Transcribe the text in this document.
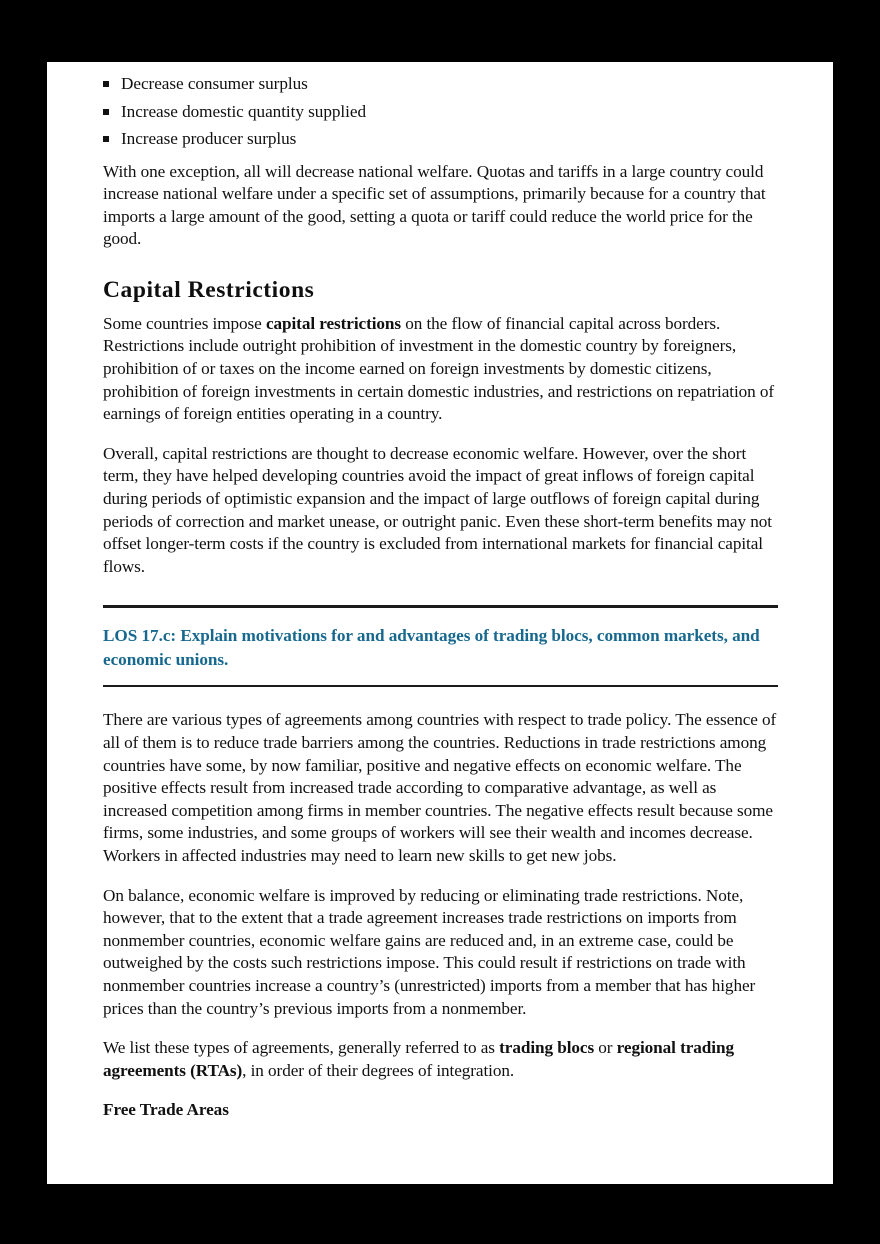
Decrease consumer surplus
Increase domestic quantity supplied
Increase producer surplus

With one exception, all will decrease national welfare. Quotas and tariffs in a large country could increase national welfare under a specific set of assumptions, primarily because for a country that imports a large amount of the good, setting a quota or tariff could reduce the world price for the good.

Capital Restrictions

Some countries impose capital restrictions on the flow of financial capital across borders. Restrictions include outright prohibition of investment in the domestic country by foreigners, prohibition of or taxes on the income earned on foreign investments by domestic citizens, prohibition of foreign investments in certain domestic industries, and restrictions on repatriation of earnings of foreign entities operating in a country.

Overall, capital restrictions are thought to decrease economic welfare. However, over the short term, they have helped developing countries avoid the impact of great inflows of foreign capital during periods of optimistic expansion and the impact of large outflows of foreign capital during periods of correction and market unease, or outright panic. Even these short-term benefits may not offset longer-term costs if the country is excluded from international markets for financial capital flows.

LOS 17.c: Explain motivations for and advantages of trading blocs, common markets, and economic unions.

There are various types of agreements among countries with respect to trade policy. The essence of all of them is to reduce trade barriers among the countries. Reductions in trade restrictions among countries have some, by now familiar, positive and negative effects on economic welfare. The positive effects result from increased trade according to comparative advantage, as well as increased competition among firms in member countries. The negative effects result because some firms, some industries, and some groups of workers will see their wealth and incomes decrease. Workers in affected industries may need to learn new skills to get new jobs.

On balance, economic welfare is improved by reducing or eliminating trade restrictions. Note, however, that to the extent that a trade agreement increases trade restrictions on imports from nonmember countries, economic welfare gains are reduced and, in an extreme case, could be outweighed by the costs such restrictions impose. This could result if restrictions on trade with nonmember countries increase a country’s (unrestricted) imports from a member that has higher prices than the country’s previous imports from a nonmember.

We list these types of agreements, generally referred to as trading blocs or regional trading agreements (RTAs), in order of their degrees of integration.

Free Trade Areas
